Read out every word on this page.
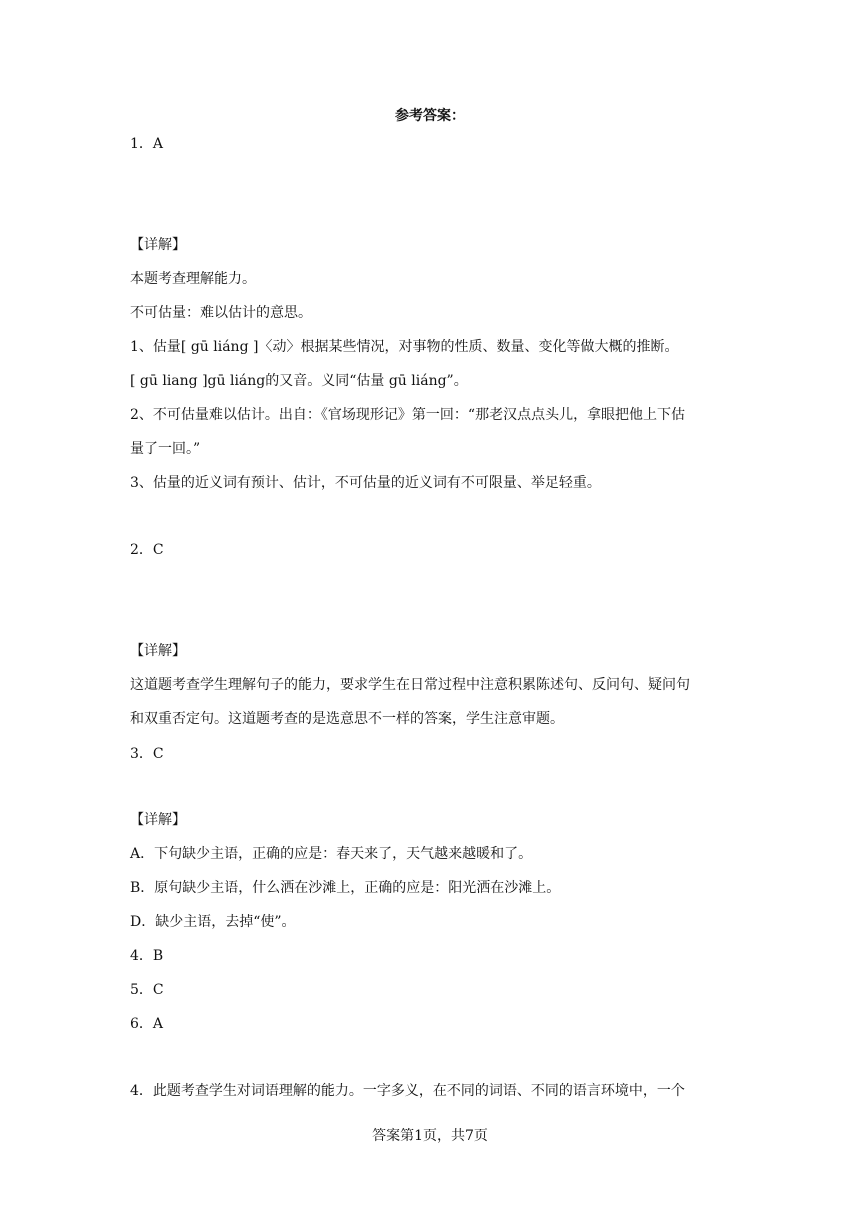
参考答案：
1．A
【详解】
本题考查理解能力。
不可估量：难以估计的意思。
1、估量[ gū liáng ]〈动〉根据某些情况，对事物的性质、数量、变化等做大概的推断。
[ gū liang ]gū liáng的又音。义同“估量 gū liáng”。
2、不可估量难以估计。出自：《官场现形记》第一回：“那老汉点点头儿，拿眼把他上下估
量了一回。”
3、估量的近义词有预计、估计，不可估量的近义词有不可限量、举足轻重。
2．C
【详解】
这道题考查学生理解句子的能力，要求学生在日常过程中注意积累陈述句、反问句、疑问句
和双重否定句。这道题考查的是选意思不一样的答案，学生注意审题。
3．C
【详解】
A．下句缺少主语，正确的应是：春天来了，天气越来越暖和了。
B．原句缺少主语，什么洒在沙滩上，正确的应是：阳光洒在沙滩上。
D．缺少主语，去掉“使”。
4．B
5．C
6．A
4．此题考查学生对词语理解的能力。一字多义，在不同的词语、不同的语言环境中，一个
答案第1页，共7页
